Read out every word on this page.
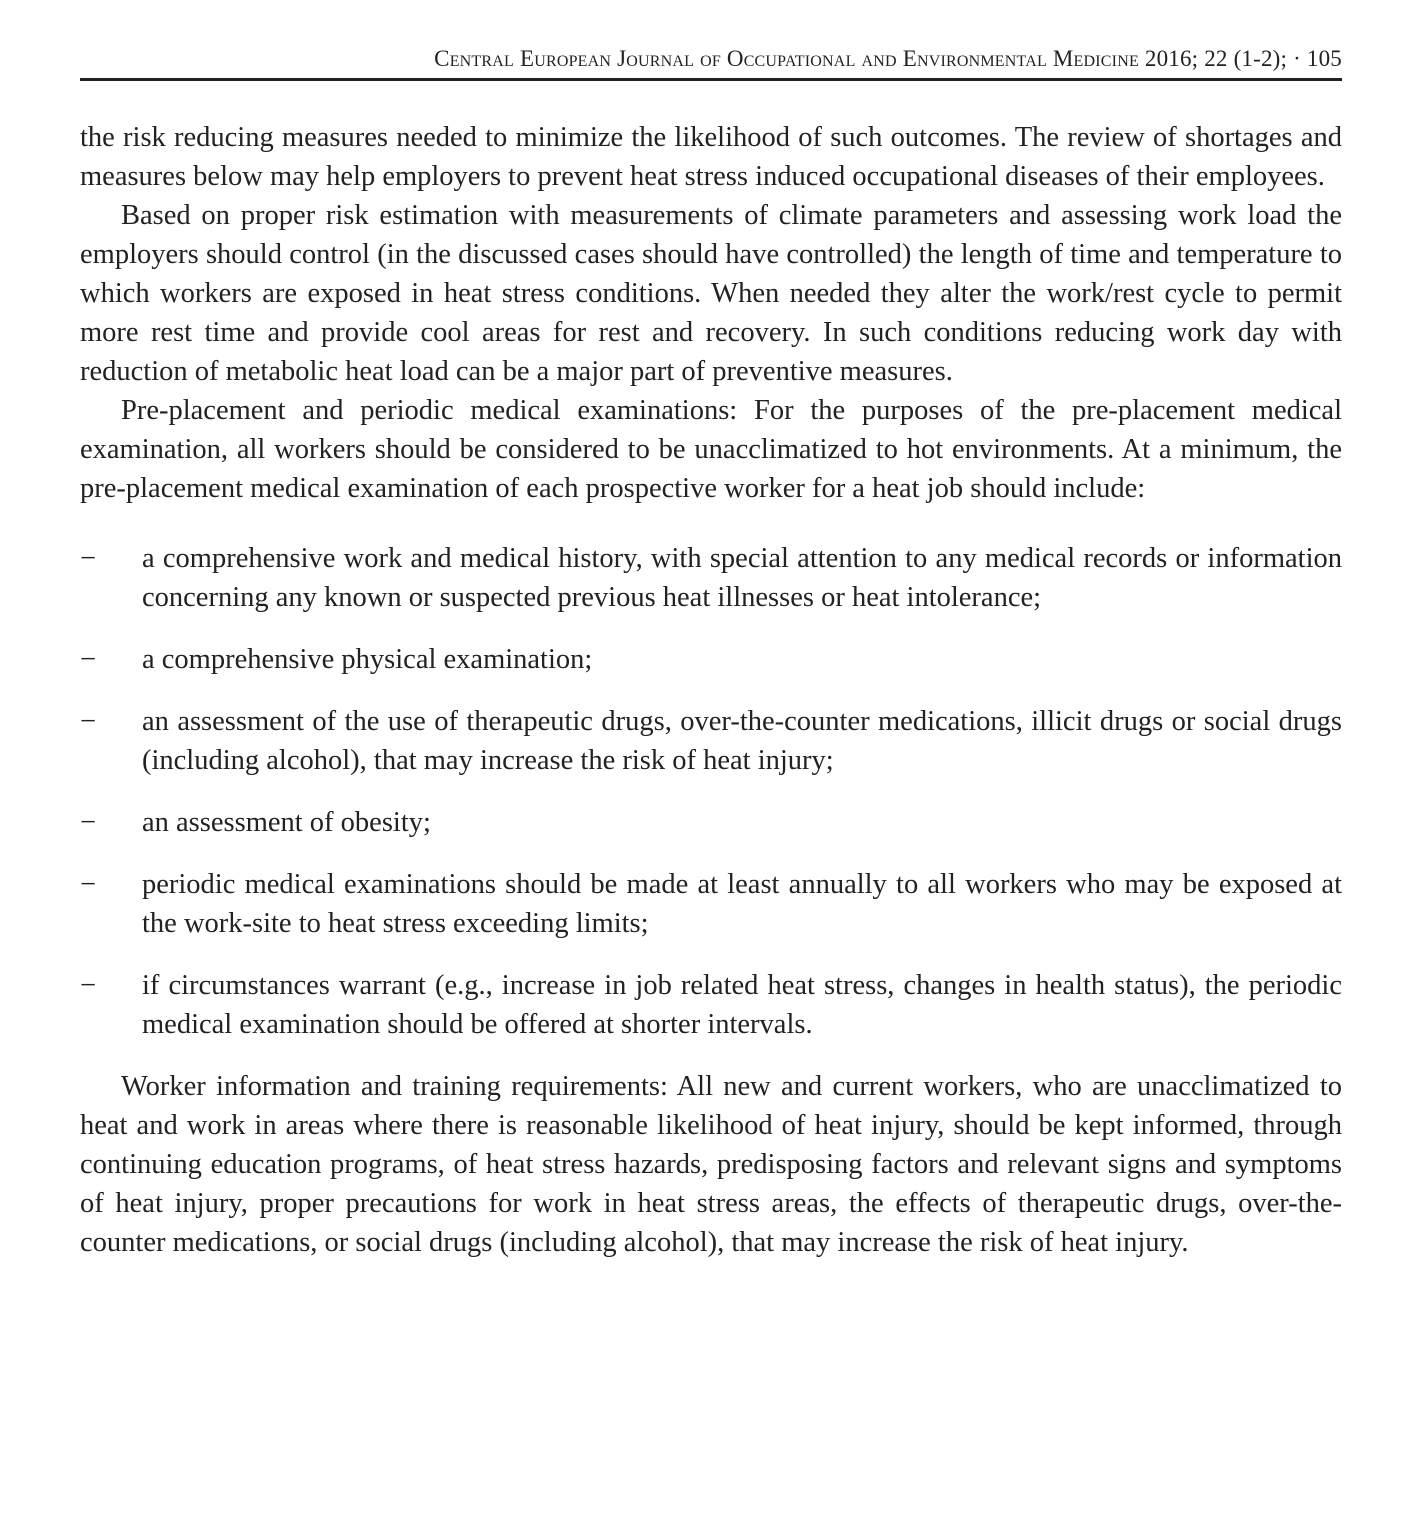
Central European Journal of Occupational and Environmental Medicine 2016; 22 (1-2); · 105

the risk reducing measures needed to minimize the likelihood of such outcomes. The review of shortages and measures below may help employers to prevent heat stress induced occupational diseases of their employees.

Based on proper risk estimation with measurements of climate parameters and assessing work load the employers should control (in the discussed cases should have controlled) the length of time and temperature to which workers are exposed in heat stress conditions. When needed they alter the work/rest cycle to permit more rest time and provide cool areas for rest and recovery. In such conditions reducing work day with reduction of metabolic heat load can be a major part of preventive measures.

Pre-placement and periodic medical examinations: For the purposes of the pre-placement medical examination, all workers should be considered to be unacclimatized to hot environments. At a minimum, the pre-placement medical examination of each prospective worker for a heat job should include:

− a comprehensive work and medical history, with special attention to any medical records or information concerning any known or suspected previous heat illnesses or heat intolerance;
− a comprehensive physical examination;
− an assessment of the use of therapeutic drugs, over-the-counter medications, illicit drugs or social drugs (including alcohol), that may increase the risk of heat injury;
− an assessment of obesity;
− periodic medical examinations should be made at least annually to all workers who may be exposed at the work-site to heat stress exceeding limits;
− if circumstances warrant (e.g., increase in job related heat stress, changes in health status), the periodic medical examination should be offered at shorter intervals.

Worker information and training requirements: All new and current workers, who are unacclimatized to heat and work in areas where there is reasonable likelihood of heat injury, should be kept informed, through continuing education programs, of heat stress hazards, predisposing factors and relevant signs and symptoms of heat injury, proper precautions for work in heat stress areas, the effects of therapeutic drugs, over-the-counter medications, or social drugs (including alcohol), that may increase the risk of heat injury.
